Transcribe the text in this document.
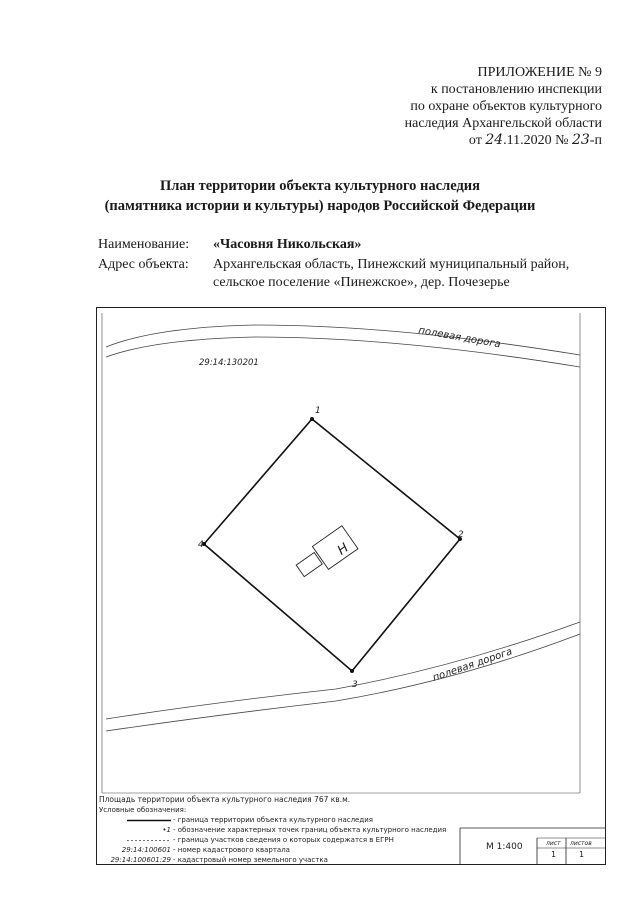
ПРИЛОЖЕНИЕ № 9
к постановлению инспекции
по охране объектов культурного
наследия Архангельской области
от 24.11.2020 № 23-п
План территории объекта культурного наследия
(памятника истории и культуры) народов Российской Федерации
Наименование: «Часовня Никольская»
Адрес объекта: Архангельская область, Пинежский муниципальный район,
сельское поселение «Пинежское», дер. Почезерье
полевая дорога
полевая дорога
29:14:130201
1
2
3
4	Н
М 1:400	лист листов
1	1
Площадь территории объекта культурного наследия 767 кв.м.
Условные обозначения:
- граница территории объекта культурного наследия
•1 - обозначение характерных точек границ объекта культурного наследия
- граница участков сведения о которых содержатся в ЕГРН
29:14:100601 - номер кадастрового квартала
29:14:100601:29 - кадастровый номер земельного участка
